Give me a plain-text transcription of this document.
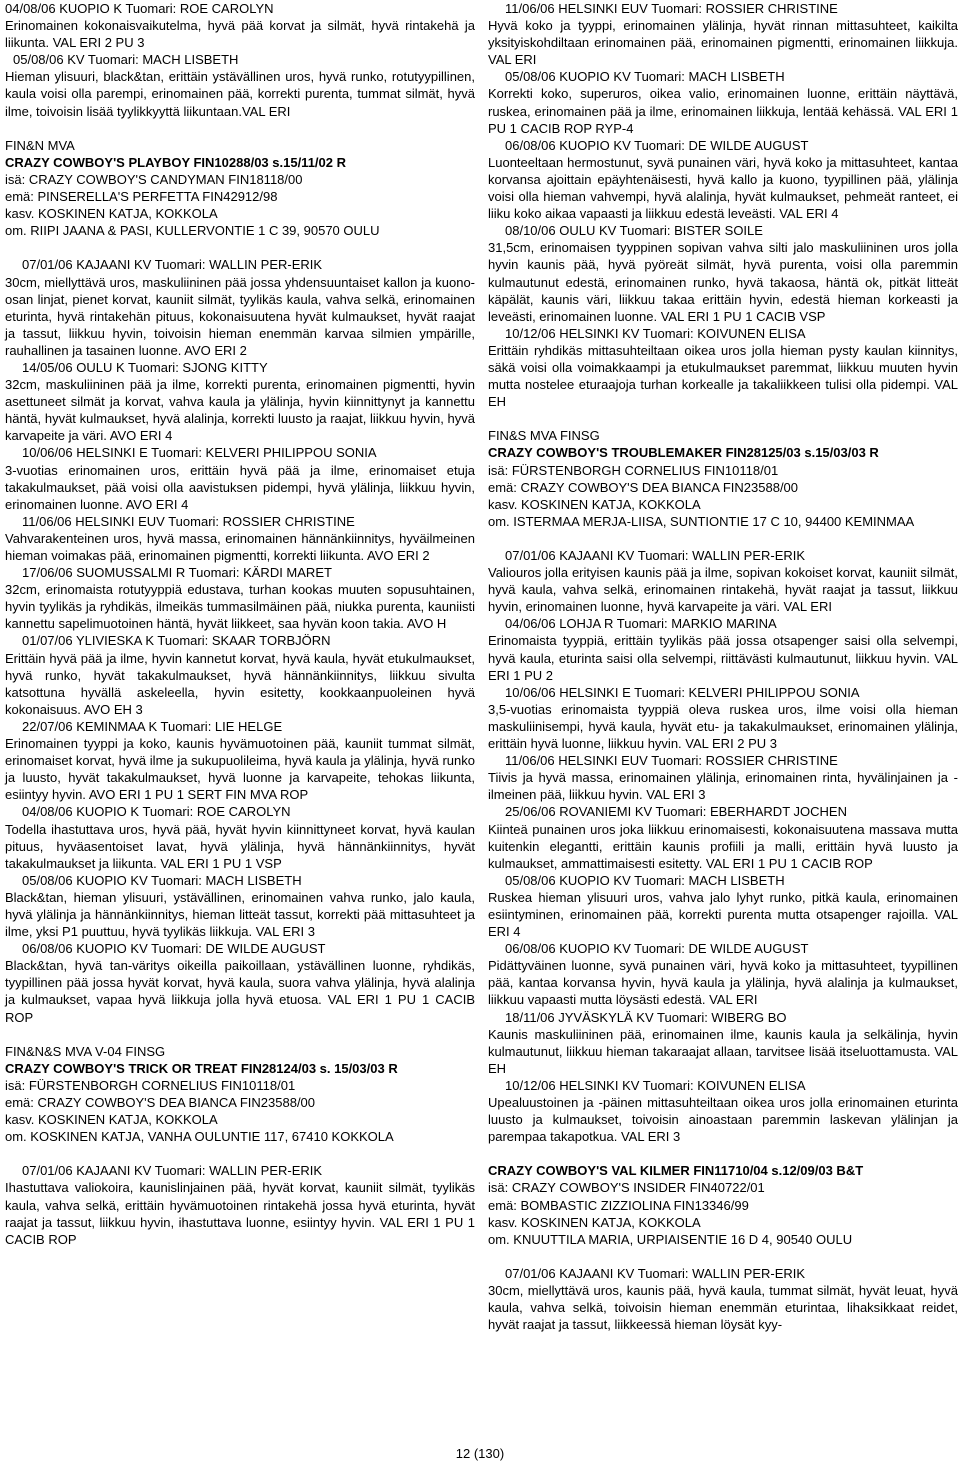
04/08/06 KUOPIO K Tuomari: ROE CAROLYN

Erinomainen kokonaisvaikutelma, hyvä pää korvat ja silmät, hyvä rintakehä ja liikunta. VAL ERI 2 PU 3

05/08/06 KV Tuomari: MACH LISBETH

Hieman ylisuuri, black&tan, erittäin ystävällinen uros, hyvä runko, rotutyypillinen, kaula voisi olla parempi, erinomainen pää, korrekti purenta, tummat silmät, hyvä ilme, toivoisin lisää tyylikkyyttä liikuntaan.VAL ERI

FIN&N MVA

CRAZY COWBOY'S PLAYBOY FIN10288/03 s.15/11/02 R

isä: CRAZY COWBOY'S CANDYMAN FIN18118/00

emä: PINSERELLA'S PERFETTA FIN42912/98

kasv. KOSKINEN KATJA, KOKKOLA

om. RIIPI JAANA & PASI, KULLERVONTIE 1 C 39, 90570 OULU

07/01/06 KAJAANI KV Tuomari: WALLIN PER-ERIK

30cm, miellyttävä uros, maskuliininen pää jossa yhdensuuntaiset kallon ja kuono-osan linjat, pienet korvat, kauniit silmät, tyylikäs kaula, vahva selkä, erinomainen eturinta, hyvä rintakehän pituus, kokonaisuutena hyvät kulmaukset, hyvät raajat ja tassut, liikkuu hyvin, toivoisin hieman enemmän karvaa silmien ympärille, rauhallinen ja tasainen luonne. AVO ERI 2

14/05/06 OULU K Tuomari: SJONG KITTY

32cm, maskuliininen pää ja ilme, korrekti purenta, erinomainen pigmentti, hyvin asettuneet silmät ja korvat, vahva kaula ja ylälinja, hyvin kiinnittynyt ja kannettu häntä, hyvät kulmaukset, hyvä alalinja, korrekti luusto ja raajat, liikkuu hyvin, hyvä karvapeite ja väri. AVO ERI 4

10/06/06 HELSINKI E Tuomari: KELVERI PHILIPPOU SONIA

3-vuotias erinomainen uros, erittäin hyvä pää ja ilme, erinomaiset etuja takakulmaukset, pää voisi olla aavistuksen pidempi, hyvä ylälinja, liikkuu hyvin, erinomainen luonne. AVO ERI 4

11/06/06 HELSINKI EUV Tuomari: ROSSIER CHRISTINE

Vahvarakenteinen uros, hyvä massa, erinomainen hännänkiinnitys, hyväilmeinen hieman voimakas pää, erinomainen pigmentti, korrekti liikunta. AVO ERI 2

17/06/06 SUOMUSSALMI R Tuomari: KÄRDI MARET

32cm, erinomaista rotutyyppiä edustava, turhan kookas muuten sopusuhtainen, hyvin tyylikäs ja ryhdikäs, ilmeikäs tummasilmäinen pää, niukka purenta, kauniisti kannettu sapelimuotoinen häntä, hyvät liikkeet, saa hyvän koon takia. AVO H

01/07/06 YLIVIESKA K Tuomari: SKAAR TORBJÖRN

Erittäin hyvä pää ja ilme, hyvin kannetut korvat, hyvä kaula, hyvät etukulmaukset, hyvä runko, hyvät takakulmaukset, hyvä hännänkiinnitys, liikkuu sivulta katsottuna hyvällä askeleella, hyvin esitetty, kookkaanpuoleinen hyvä kokonaisuus. AVO EH 3

22/07/06 KEMINMAA K Tuomari: LIE HELGE

Erinomainen tyyppi ja koko, kaunis hyvämuotoinen pää, kauniit tummat silmät, erinomaiset korvat, hyvä ilme ja sukupuolileima, hyvä kaula ja ylälinja, hyvä runko ja luusto, hyvät takakulmaukset, hyvä luonne ja karvapeite, tehokas liikunta, esiintyy hyvin. AVO ERI 1 PU 1 SERT FIN MVA ROP

04/08/06 KUOPIO K Tuomari: ROE CAROLYN

Todella ihastuttava uros, hyvä pää, hyvät hyvin kiinnittyneet korvat, hyvä kaulan pituus, hyväasentoiset lavat, hyvä ylälinja, hyvä hännänkiinnitys, hyvät takakulmaukset ja liikunta. VAL ERI 1 PU 1 VSP

05/08/06 KUOPIO KV Tuomari: MACH LISBETH

Black&tan, hieman ylisuuri, ystävällinen, erinomainen vahva runko, jalo kaula, hyvä ylälinja ja hännänkiinnitys, hieman litteät tassut, korrekti pää mittasuhteet ja ilme, yksi P1 puuttuu, hyvä tyylikäs liikkuja. VAL ERI 3

06/08/06 KUOPIO KV Tuomari: DE WILDE AUGUST

Black&tan, hyvä tan-väritys oikeilla paikoillaan, ystävällinen luonne, ryhdikäs, tyypillinen pää jossa hyvät korvat, hyvä kaula, suora vahva ylälinja, hyvä alalinja ja kulmaukset, vapaa hyvä liikkuja jolla hyvä etuosa. VAL ERI 1 PU 1 CACIB ROP

FIN&N&S MVA V-04 FINSG

CRAZY COWBOY'S TRICK OR TREAT FIN28124/03 s. 15/03/03 R

isä: FÜRSTENBORGH CORNELIUS FIN10118/01

emä: CRAZY COWBOY'S DEA BIANCA FIN23588/00

kasv. KOSKINEN KATJA, KOKKOLA

om. KOSKINEN KATJA, VANHA OULUNTIE 117, 67410 KOKKOLA

07/01/06 KAJAANI KV Tuomari: WALLIN PER-ERIK

Ihastuttava valiokoira, kaunislinjainen pää, hyvät korvat, kauniit silmät, tyylikäs kaula, vahva selkä, erittäin hyvämuotoinen rintakehä jossa hyvä eturinta, hyvät raajat ja tassut, liikkuu hyvin, ihastuttava luonne, esiintyy hyvin. VAL ERI 1 PU 1 CACIB ROP

11/06/06 HELSINKI EUV Tuomari: ROSSIER CHRISTINE

Hyvä koko ja tyyppi, erinomainen ylälinja, hyvät rinnan mittasuhteet, kaikilta yksityiskohdiltaan erinomainen pää, erinomainen pigmentti, erinomainen liikkuja. VAL ERI

05/08/06 KUOPIO KV Tuomari: MACH LISBETH

Korrekti koko, superuros, oikea valio, erinomainen luonne, erittäin näyttävä, ruskea, erinomainen pää ja ilme, erinomainen liikkuja, lentää kehässä. VAL ERI 1 PU 1 CACIB ROP RYP-4

06/08/06 KUOPIO KV Tuomari: DE WILDE AUGUST

Luonteeltaan hermostunut, syvä punainen väri, hyvä koko ja mittasuhteet, kantaa korvansa ajoittain epäyhtenäisesti, hyvä kallo ja kuono, tyypillinen pää, ylälinja voisi olla hieman vahvempi, hyvä alalinja, hyvät kulmaukset, pehmeät ranteet, ei liiku koko aikaa vapaasti ja liikkuu edestä leveästi. VAL ERI 4

08/10/06 OULU KV Tuomari: BISTER SOILE

31,5cm, erinomaisen tyyppinen sopivan vahva silti jalo maskuliininen uros jolla hyvin kaunis pää, hyvä pyöreät silmät, hyvä purenta, voisi olla paremmin kulmautunut edestä, erinomainen runko, hyvä takaosa, häntä ok, pitkät litteät käpälät, kaunis väri, liikkuu takaa erittäin hyvin, edestä hieman korkeasti ja leveästi, erinomainen luonne. VAL ERI 1 PU 1 CACIB VSP

10/12/06 HELSINKI KV Tuomari: KOIVUNEN ELISA

Erittäin ryhdikäs mittasuhteiltaan oikea uros jolla hieman pysty kaulan kiinnitys, säkä voisi olla voimakkaampi ja etukulmaukset paremmat, liikkuu muuten hyvin mutta nostelee eturaajoja turhan korkealle ja takaliikkeen tulisi olla pidempi. VAL EH

FIN&S MVA FINSG

CRAZY COWBOY'S TROUBLEMAKER FIN28125/03 s.15/03/03 R

isä: FÜRSTENBORGH CORNELIUS FIN10118/01

emä: CRAZY COWBOY'S DEA BIANCA FIN23588/00

kasv. KOSKINEN KATJA, KOKKOLA

om. ISTERMAA MERJA-LIISA, SUNTIONTIE 17 C 10, 94400 KEMINMAA

07/01/06 KAJAANI KV Tuomari: WALLIN PER-ERIK

Valiouros jolla erityisen kaunis pää ja ilme, sopivan kokoiset korvat, kauniit silmät, hyvä kaula, vahva selkä, erinomainen rintakehä, hyvät raajat ja tassut, liikkuu hyvin, erinomainen luonne, hyvä karvapeite ja väri. VAL ERI

04/06/06 LOHJA R Tuomari: MARKIO MARINA

Erinomaista tyyppiä, erittäin tyylikäs pää jossa otsapenger saisi olla selvempi, hyvä kaula, eturinta saisi olla selvempi, riittävästi kulmautunut, liikkuu hyvin. VAL ERI 1 PU 2

10/06/06 HELSINKI E Tuomari: KELVERI PHILIPPOU SONIA

3,5-vuotias erinomaista tyyppiä oleva ruskea uros, ilme voisi olla hieman maskuliinisempi, hyvä kaula, hyvät etu- ja takakulmaukset, erinomainen ylälinja, erittäin hyvä luonne, liikkuu hyvin. VAL ERI 2 PU 3

11/06/06 HELSINKI EUV Tuomari: ROSSIER CHRISTINE

Tiivis ja hyvä massa, erinomainen ylälinja, erinomainen rinta, hyvälinjainen ja -ilmeinen pää, liikkuu hyvin. VAL ERI 3

25/06/06 ROVANIEMI KV Tuomari: EBERHARDT JOCHEN

Kiinteä punainen uros joka liikkuu erinomaisesti, kokonaisuutena massava mutta kuitenkin elegantti, erittäin kaunis profiili ja malli, erittäin hyvä luusto ja kulmaukset, ammattimaisesti esitetty. VAL ERI 1 PU 1 CACIB ROP

05/08/06 KUOPIO KV Tuomari: MACH LISBETH

Ruskea hieman ylisuuri uros, vahva jalo lyhyt runko, pitkä kaula, erinomainen esiintyminen, erinomainen pää, korrekti purenta mutta otsapenger rajoilla. VAL ERI 4

06/08/06 KUOPIO KV Tuomari: DE WILDE AUGUST

Pidättyväinen luonne, syvä punainen väri, hyvä koko ja mittasuhteet, tyypillinen pää, kantaa korvansa hyvin, hyvä kaula ja ylälinja, hyvä alalinja ja kulmaukset, liikkuu vapaasti mutta löysästi edestä. VAL ERI

18/11/06 JYVÄSKYLÄ KV Tuomari: WIBERG BO

Kaunis maskuliininen pää, erinomainen ilme, kaunis kaula ja selkälinja, hyvin kulmautunut, liikkuu hieman takaraajat allaan, tarvitsee lisää itseluottamusta. VAL EH

10/12/06 HELSINKI KV Tuomari: KOIVUNEN ELISA

Upealuustoinen ja -päinen mittasuhteiltaan oikea uros jolla erinomainen eturinta luusto ja kulmaukset, toivoisin ainoastaan paremmin laskevan ylälinjan ja parempaa takapotkua. VAL ERI 3

CRAZY COWBOY'S VAL KILMER FIN11710/04 s.12/09/03 B&T

isä: CRAZY COWBOY'S INSIDER FIN40722/01

emä: BOMBASTIC ZIZZIOLINA FIN13346/99

kasv. KOSKINEN KATJA, KOKKOLA

om. KNUUTTILA MARIA, URPIAISENTIE 16 D 4, 90540 OULU

07/01/06 KAJAANI KV Tuomari: WALLIN PER-ERIK

30cm, miellyttävä uros, kaunis pää, hyvä kaula, tummat silmät, hyvät leuat, hyvä kaula, vahva selkä, toivoisin hieman enemmän eturintaa, lihaksikkaat reidet, hyvät raajat ja tassut, liikkeessä hieman löysät kyy-

12 (130)
